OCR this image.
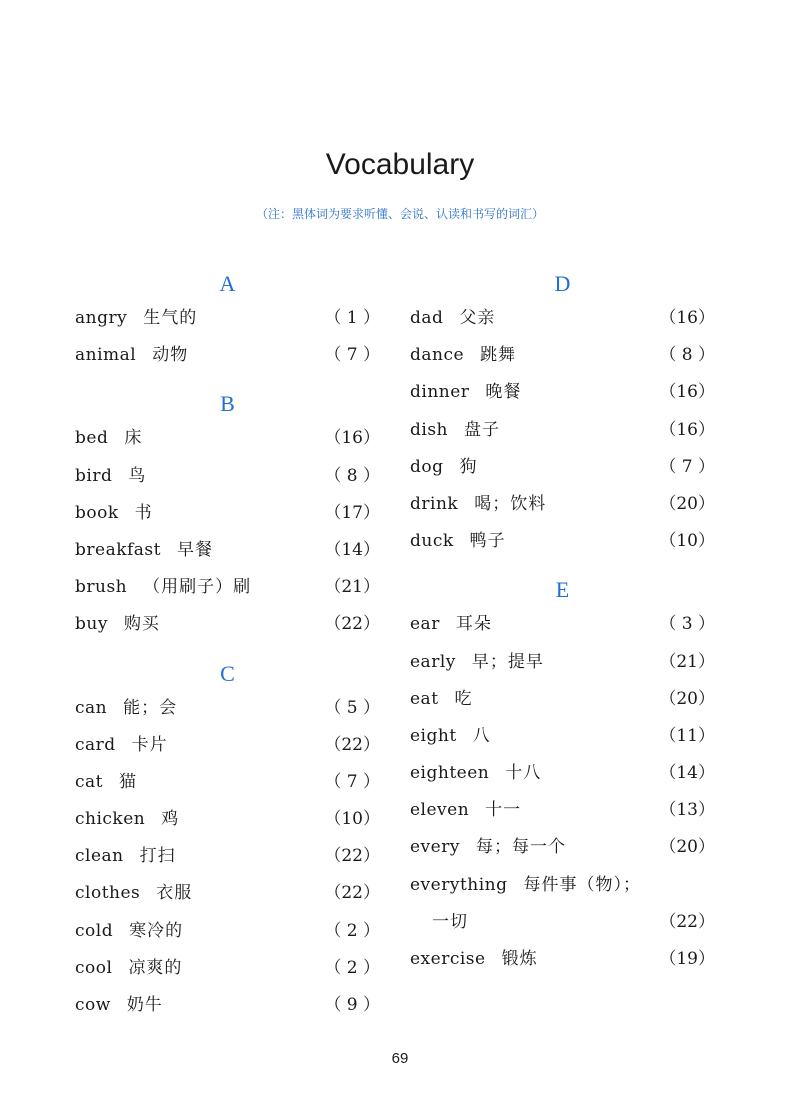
Vocabulary
（注：黑体词为要求听懂、会说、认读和书写的词汇）
A
angry 生气的	（ 1 ）
animal 动物	（ 7 ）
B
bed 床	（16）
bird 鸟	（ 8 ）
book 书	（17）
breakfast 早餐	（14）
brush （用刷子）刷	（21）
buy 购买	（22）
C
can 能；会	（ 5 ）
card 卡片	（22）
cat 猫	（ 7 ）
chicken 鸡	（10）
clean 打扫	（22）
clothes 衣服	（22）
cold 寒冷的	（ 2 ）
cool 凉爽的	（ 2 ）
cow 奶牛	（ 9 ）
D
dad 父亲	（16）
dance 跳舞	（ 8 ）
dinner 晚餐	（16）
dish 盘子	（16）
dog 狗	（ 7 ）
drink 喝；饮料	（20）
duck 鸭子	（10）
E
ear 耳朵	（ 3 ）
early 早；提早	（21）
eat 吃	（20）
eight 八	（11）
eighteen 十八	（14）
eleven 十一	（13）
every 每；每一个	（20）
everything 每件事（物）；
一切	（22）
exercise 锻炼	（19）
69
